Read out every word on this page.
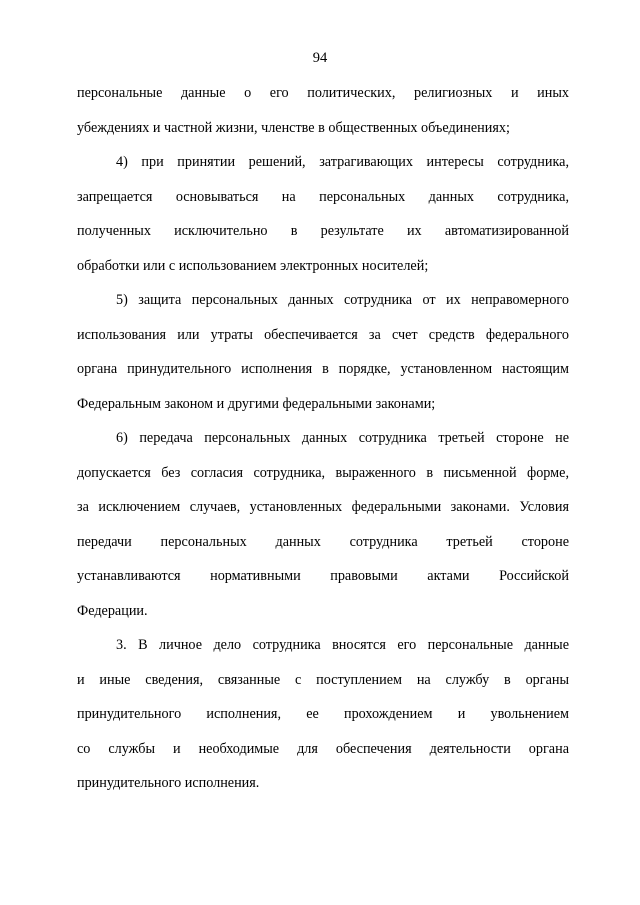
94
персональные данные о его политических, религиозных и иных
убеждениях и частной жизни, членстве в общественных объединениях;
4) при принятии решений, затрагивающих интересы сотрудника,
запрещается основываться на персональных данных сотрудника,
полученных исключительно в результате их автоматизированной
обработки или с использованием электронных носителей;
5) защита персональных данных сотрудника от их неправомерного
использования или утраты обеспечивается за счет средств федерального
органа принудительного исполнения в порядке, установленном настоящим
Федеральным законом и другими федеральными законами;
6) передача персональных данных сотрудника третьей стороне не
допускается без согласия сотрудника, выраженного в письменной форме,
за исключением случаев, установленных федеральными законами. Условия
передачи персональных данных сотрудника третьей стороне
устанавливаются нормативными правовыми актами Российской
Федерации.
3. В личное дело сотрудника вносятся его персональные данные
и иные сведения, связанные с поступлением на службу в органы
принудительного исполнения, ее прохождением и увольнением
со службы и необходимые для обеспечения деятельности органа
принудительного исполнения.
